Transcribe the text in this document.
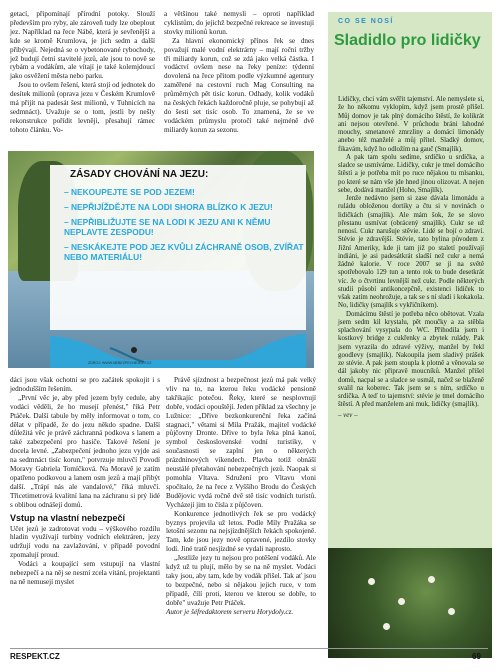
getací, připomínají přírodní potoky. Slouží především pro ryby, ale zároveň tudy lze obeplout jez. Například na řece Nábě, která je sevřenější a kde se kromě Krumlova, je jich sedm a další přibývají. Nejedná se o vybetonované rybochody, jež budují četní stavitelé jezů, ale jsou to nově se rybám a vodákům, ale vítají je také kolemjdoucí jako osvěžení města nebo parku.

Jsou to ovšem řešení, která stojí od jednotek do desítek milionů (oprava jezu v Českém Krumlově má přijít na padesát šest milionů, v Tuhnicích na sedmnáct). Uvažuje se o tom, jestli by nešly rekonstrukce pořídit levněji, přesahují rámec tohoto článku. Vo-

a většinou také nemysli – oproti například cyklistům, do jejichž bezpečné rekreace se investují stovky milionů korun.

Za hlavní ekonomický přínos řek se dnes považují malé vodní elektrárny – mají roční tržby tři miliardy korun, což se zdá jako velká částka. I vodáctví ovšem nese na řeky peníze: týdenní dovolená na řece přitom podle výzkumné agentury zaměřené na cestovní ruch Mag Consulting na průměrných pět tisíc korun. Odhady, kolik vodáků na českých řekách každoročně pluje, se pohybují až do šesti set tisíc osob. To znamená, že se ve vodáckém průmyslu protočí také nejméně dvě miliardy korun za sezonu.

ZÁSADY CHOVÁNÍ NA JEZU:
– NEKOUPEJTE SE POD JEZEM!
– NEPŘIJÍŽDĚJTE NA LODI SHORA BLÍZKO K JEZU!
– NEPŘIBLIŽUJTE SE NA LODI K JEZU ANI K NĚMU NEPLAVTE ZESPODU!
– NESKÁKEJTE POD JEZ KVŮLI ZÁCHRANĚ OSOB, ZVÍŘAT NEBO MATERIÁLU!
ZDROJ: WWW.NEBEZPECNEJEZY.CZ

dáci jsou však ochotni se pro začátek spokojit i s jednodušším řešením.

„První věc je, aby před jezem byly cedule, aby vodáci věděli, že ho musejí přenést," říká Petr Ptáček. Další tabule by měly informovat o tom, co dělat v případě, že do jezu někdo spadne. Další důležitá věc je právě záchranná podkova s lanem a také zabezpečení pro hasiče. Takové řešení je docela levné. „Zabezpečení jednoho jezu vyjde asi na sedmnáct tisíc korun," potvrzuje mluvčí Povodí Moravy Gabriela Tomíčková. Na Moravě je zatím opatřeno podkovou a lanem osm jezů a mají přibýt další. „Trápí nás ale vandalové," říká mluvčí. Třicetimetrová kvalitní lana na záchranu si prý lidé s oblibou odnášejí domů.

Vstup na vlastní nebezpečí

Učet jezů je zadrotovat vodu – výškového rozdílu hladin využívají turbíny vodních elektráren, jezy udržují vodu na zavlažování, v případě povodní zpomalují proud.

Vodáci a koupající sem vstupují na vlastní nebezpečí a na něj se nesmí zcela vítání, projektanti na ně nemusejí myslet

Právě sjízdnost a bezpečnost jezů má pak velký vliv na to, na kterou řeku vodácké pensioně takřikajíc potečou. Řeky, které se nesplovnují dobře, vodáci opouštějí. Jeden příklad za všechny je Lužnice: „Dřive bezkonkurenční řeka začíná stagnaci," větami si Míla Pražák, majitel vodácké půjčovny Dronte. Dřive to byla řeka plná kanoí, symbol československé vodní turistiky, v současnosti se zaplní jen o některých prázdninových víkendech. Plavba totiž obnáší neustálé přetahování nebezpečných jezů. Naopak si pomohla Vltava. Sdružení pro Vltavu vloni spočítalo, že na řece z Vyššího Brodu do Českých Budějovic vydá ročně dvě stě tisíc vodních turistů. Vycházejí jim to čísla z půjčoven.

Konkurence jednotlivých řek se pro vodácký byznys projevila už letos. Podle Míly Pražáka se letošní sezonu na nejsjízdnějších řekách spokojeně. Tam, kde jsou jezy nově opravené, jezdilo stovky lodí. Jiné tratě nesjízdné se vydali naprosto.

„Jestliže jezy tu nejsou pro potěšení vodáků. Ale když už tu plují, mělo by se na ně myslet. Vodáci taky jsou, aby tam, kde by vodák přišel. Tak ať jsou to bezpečné, nebo si nějakou jejich ruce, v tom případě, čílí proti, kterou ve kterou se dobře, to dobře" uvažuje Petr Ptáček.

Autor je šéfredaktorem serveru Horydoly.cz.

CO SE NOSÍ
Sladidlo pro lidičky

Lidičky, chci vám svěřit tajemství. Ale nemyslete si, že ho někomu vyklopím, když jsem prostě přišel. Můj domov je tak plný domácího štěstí, že kolikrát ani nejsou otevřené. V průchodu bráni lahodné mouchy, smetanové zmrzliny a domácí limonády anebo též manželé a můj přítel. Sladký domov, fikavám, když ho odložím na gauč (Smajlík).

A pak tam spolu sedíme, srdíčko u srdíčka, a sladce se usmíváme. Lidičky, cukr je tmel domácího štěstí a je potřeba mít po ruce nějakou tu mlsanku, po které se nám vše jde hned jinou olizovat. A nejen sebe, dodává manžel (Hoho, Smajlík).

Jenže nedávno jsem si zase dávala limonádu a ruládu obloženou dortíky a čtu si v novinách o lidičkách (smajlík). Ale mám šok, že se slovo přestanu usmívat (obrácený smajlík). Cukr se už nenosí. Cukr narušuje stěvie. Lidé se bojí o zdraví. Stévie je zdravější. Stévie, tato bylina původem z Jižní Ameriky, kde ji tam již po staletí používají indiáni, je asi padesátkrát sladší než cukr a nemá žádné kalorie. V roce 2007 se jí na světě spotřebovalo 129 tun a tento rok to bude desetkrát víc. Je o čtvrtinu levnější než cukr. Podle některých studií působí antikoncepčně, existenci lidiček to však zatím neohrožuje, a tak se s ní sladí i kokakola. No, lidičky (smajlík s vykřičníkem).

Domácímu štěstí je potřeba něco obětovat. Vzala jsem sedm kil krystalu, pět moučky a za stěbla splachování vysypala do WC. Přihodila jsem i kostkový bridge z cukřenky a zbytek rulády. Pak jsem vyrazila do zdravé výživy, manžel by řekl goodlevy (smajlík). Nakoupila jsem sladivý prášek ze stévie. A pak jsem stoupla k plotně a věnovala se dál jakoby nic připravě moucníků. Manžel přišel domů, nacpal se a sladce se usmál, načež se blaženě svalil na koberec. Tak jsem se s ním, srdíčko u srdíčka. A teď to tajemství: stévie je tmel domácího štěstí. A před manželem ani muk, lidičky (smajlík).

– vev –

RESPEKT.CZ	69
